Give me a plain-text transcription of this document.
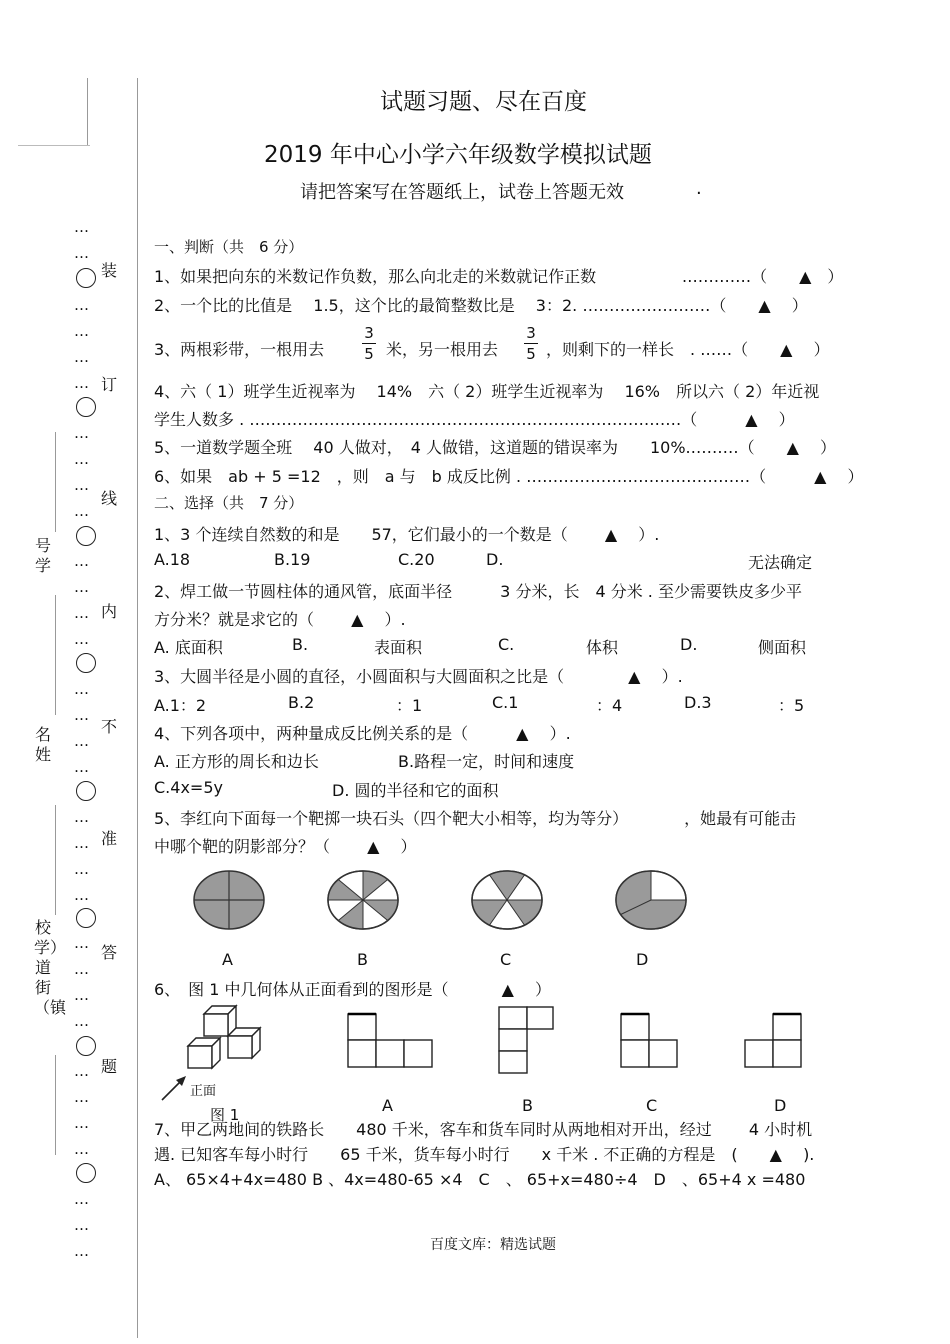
号学
名姓
校学）道街（镇
…
…
…
…
…
…
…
…
…
…
…
…
…
…
…
…
…
…
…
…
…
…
…
…
…
…
…
…
…
…
…
…
…
装
订
线
内
不
准
答
题
试题习题、尽在百度
2019 年中心小学六年级数学模拟试题
请把答案写在答题纸上，试卷上答题无效	.
一、判断（共　6 分）
1、如果把向东的米数记作负数，那么向北走的米数就记作正数	.…………（　　▲　）
2、一个比的比值是　 1.5，这个比的最简整数比是　 3：2. ……………………（　　▲　 ）
3、两根彩带，一根用去
3
5 米，另一根用去
3
5 ，则剩下的一样长　. ……（　　▲　 ）
4、六（ 1）班学生近视率为　 14%　六（ 2）班学生近视率为　 16%　所以六（ 2）年近视
学生人数多 . ………………………………………………………………………（　　　▲　 ）
5、一道数学题全班　 40 人做对，　4 人做错，这道题的错误率为　　10%.………（　　▲　 ）
6、如果　ab + 5 =12　，则　a 与　b 成反比例 . ……………………………………（　　　▲　 ）
二、选择（共　7 分）
1、3 个连续自然数的和是　　57，它们最小的一个数是（　　 ▲　 ）.
A.18	B.19	C.20	D.	无法确定
2、焊工做一节圆柱体的通风管，底面半径　　　3 分米，长　4 分米 . 至少需要铁皮多少平
方分米？就是求它的（　　 ▲　 ）.
A. 底面积	B.	表面积	C.	体积	D.	侧面积
3、大圆半径是小圆的直径，小圆面积与大圆面积之比是（　　　　▲　 ）.
A.1：2	B.2	：1	C.1	：4	D.3	：5
4、下列各项中，两种量成反比例关系的是（　　　▲　 ）.
A. 正方形的周长和边长	B.路程一定，时间和速度
C.4x=5y	D. 圆的半径和它的面积
5、李红向下面每一个靶掷一块石头（四个靶大小相等，均为等分）　　　　，她最有可能击
中哪个靶的阴影部分？（　　 ▲　 ）
A	B	C	D
6、　图 1 中几何体从正面看到的图形是（　　　 ▲　 ）
正面
图 1	A	B	C	D
7、甲乙两地间的铁路长　　480 千米，客车和货车同时从两地相对开出，经过　　 4 小时机
遇. 已知客车每小时行　　65 千米，货车每小时行　　x 千米 . 不正确的方程是　(　　▲　 ).
A、 65×4+4x=480 B 、4x=480-65 ×4　C　、 65+x=480÷4　D　、65+4 x =480
百度文库：精选试题
